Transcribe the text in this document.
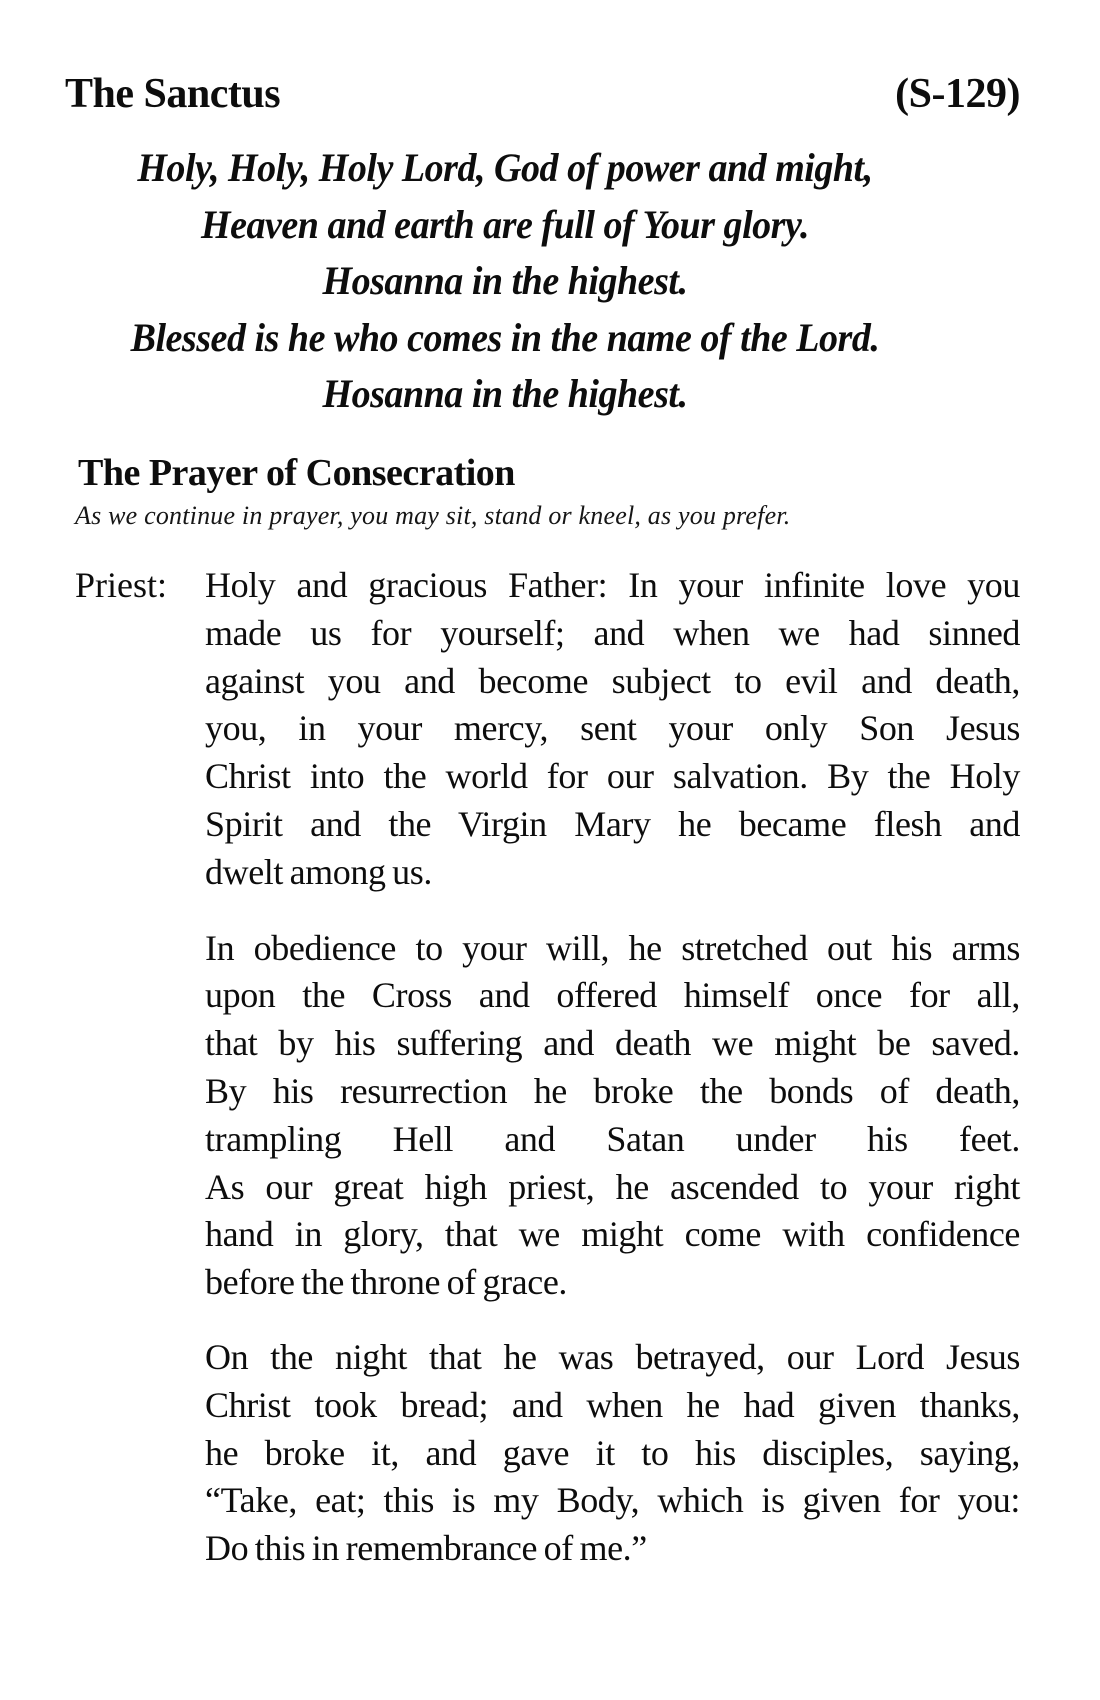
The Sanctus	(S-129)
Holy, Holy, Holy Lord, God of power and might,
Heaven and earth are full of Your glory.
Hosanna in the highest.
Blessed is he who comes in the name of the Lord.
Hosanna in the highest.
The Prayer of Consecration
As we continue in prayer, you may sit, stand or kneel, as you prefer.
Priest: Holy and gracious Father: In your infinite love you
made us for yourself; and when we had sinned
against you and become subject to evil and death,
you, in your mercy, sent your only Son Jesus
Christ into the world for our salvation. By the Holy
Spirit and the Virgin Mary he became flesh and
dwelt among us.
In obedience to your will, he stretched out his arms
upon the Cross and offered himself once for all,
that by his suffering and death we might be saved.
By his resurrection he broke the bonds of death,
trampling Hell and Satan under his feet.
As our great high priest, he ascended to your right
hand in glory, that we might come with confidence
before the throne of grace.
On the night that he was betrayed, our Lord Jesus
Christ took bread; and when he had given thanks,
he broke it, and gave it to his disciples, saying,
“Take, eat; this is my Body, which is given for you:
Do this in remembrance of me.”
